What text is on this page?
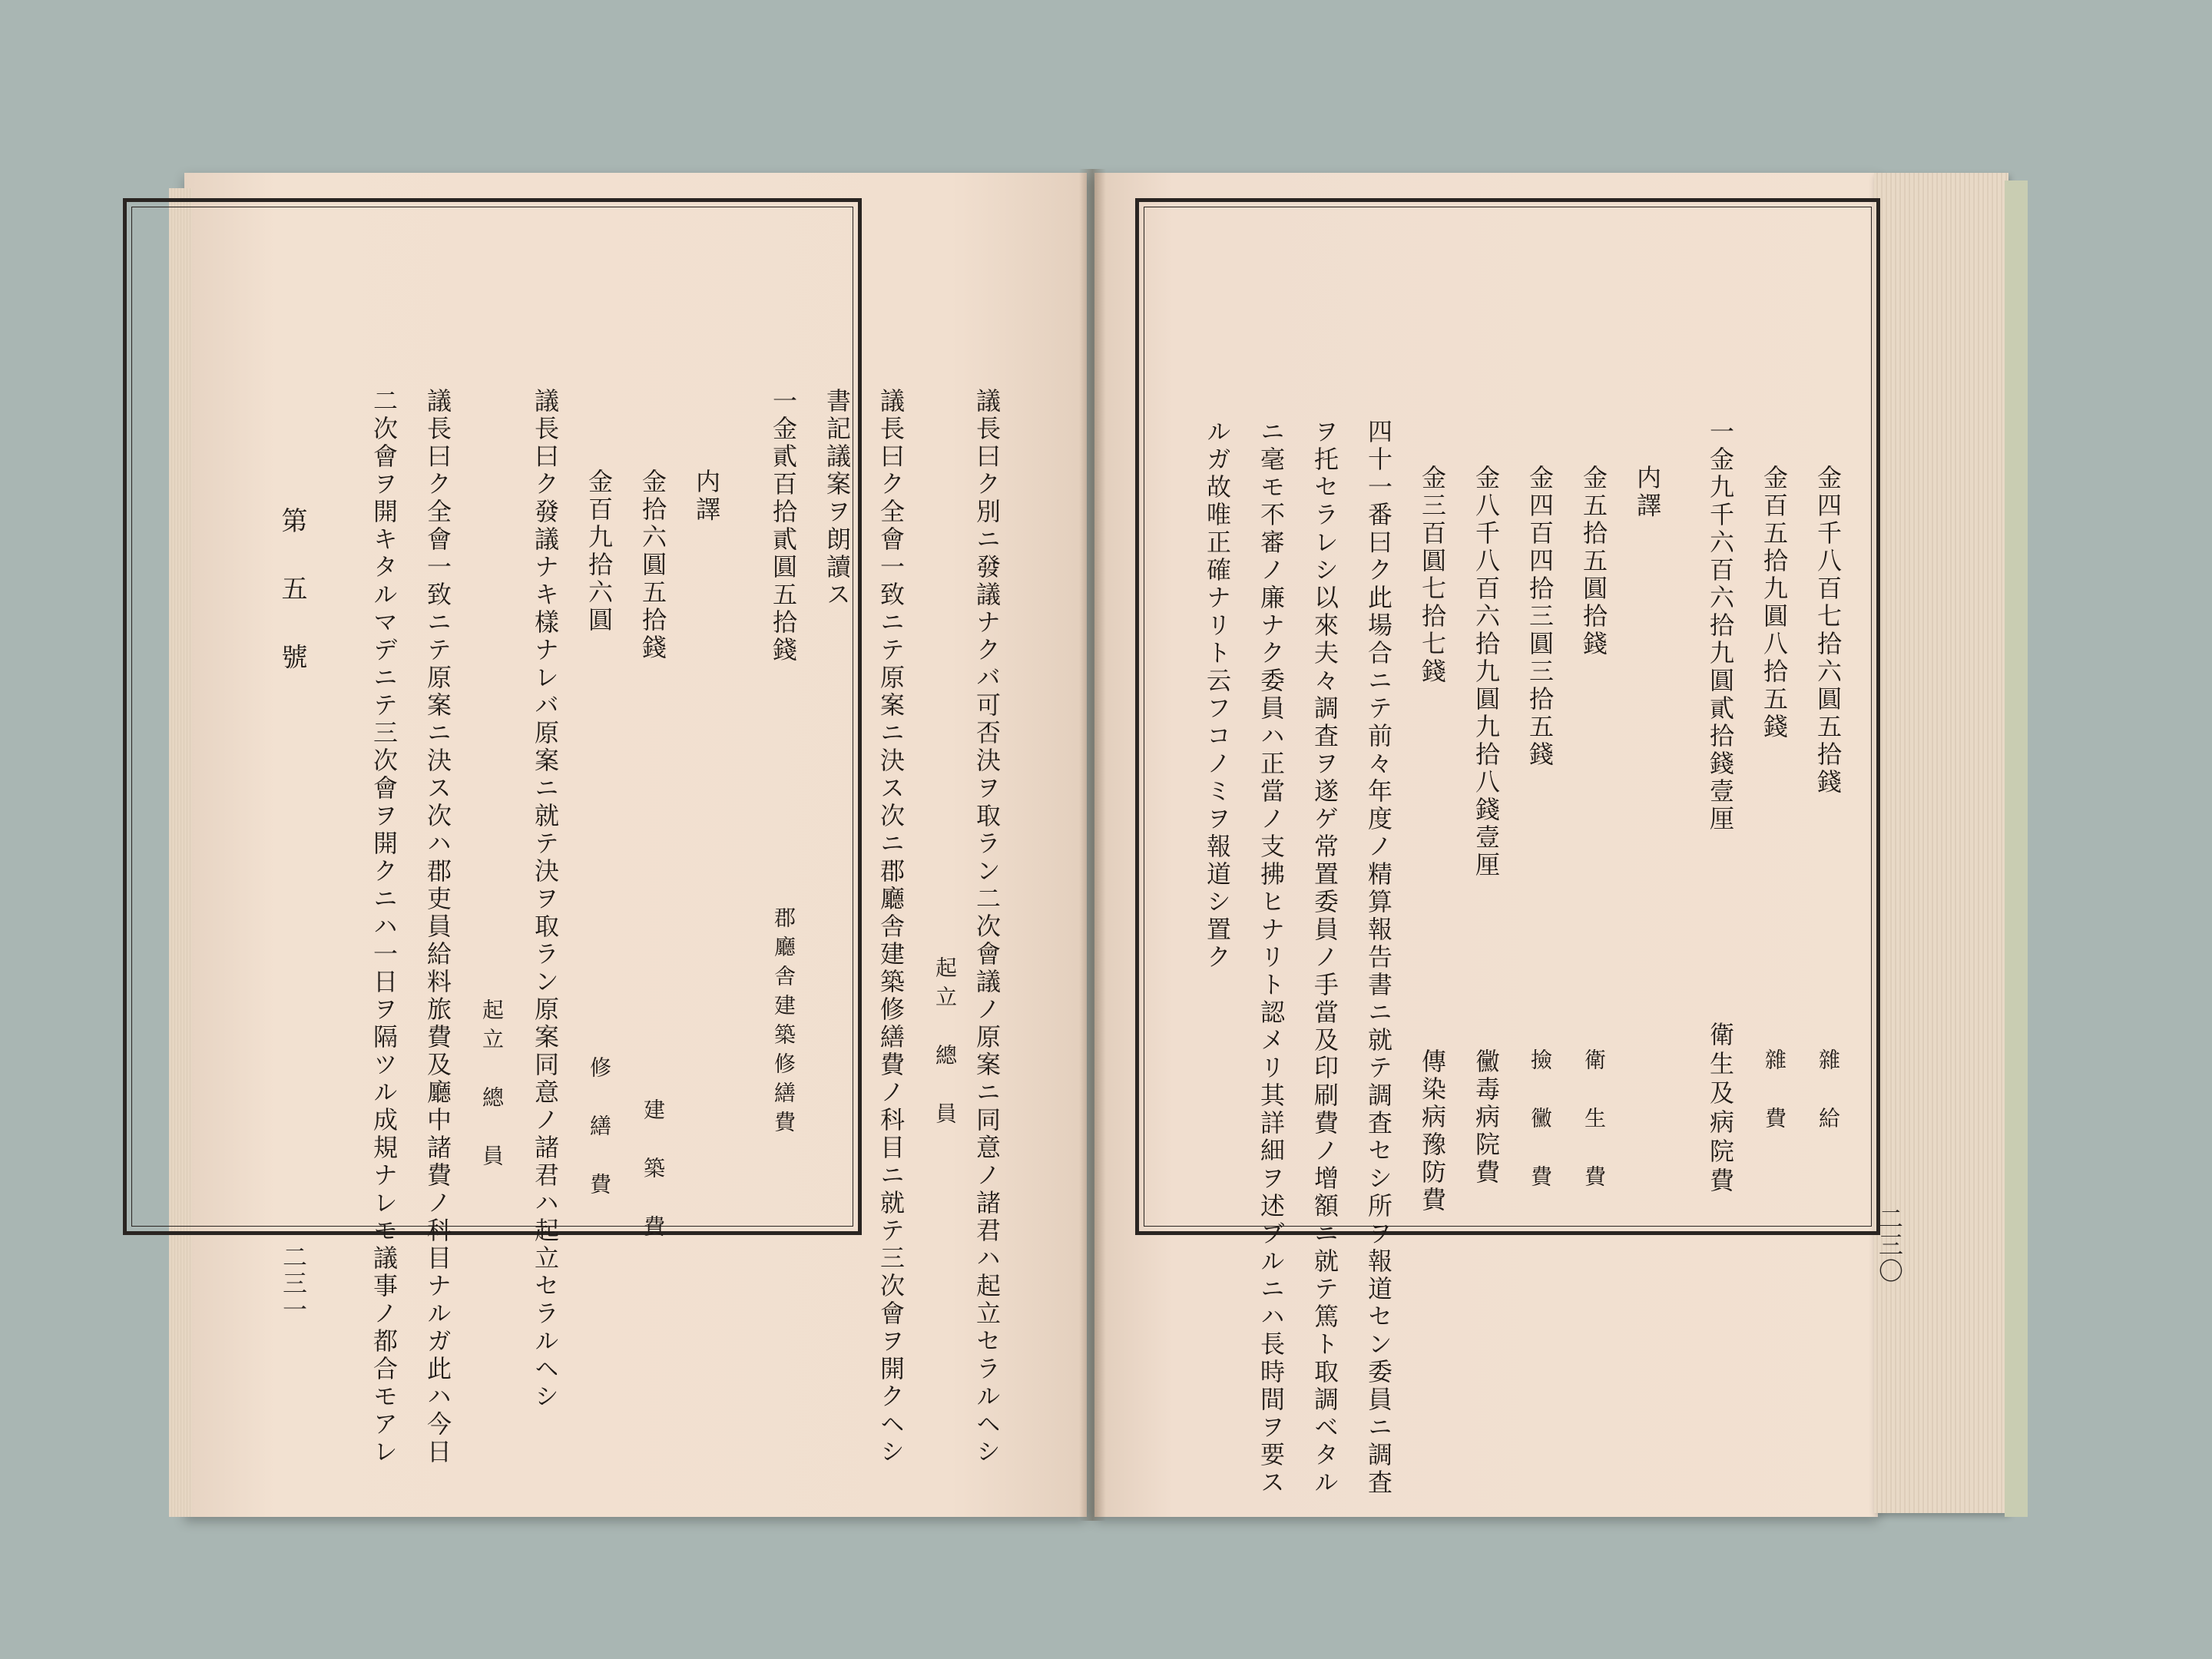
第 五 號
二三一	議長曰ク別ニ發議ナクバ可否決ヲ取ラン二次會議ノ原案ニ同意ノ諸君ハ起立セラルヘシ
起立　總　員
議長曰ク全會一致ニテ原案ニ決ス次ニ郡廳舎建築修繕費ノ科目ニ就テ三次會ヲ開クヘシ
書記議案ヲ朗讀ス
一金貳百拾貳圓五拾錢
郡廳舎建築修繕費
内譯
金拾六圓五拾錢
建　築　費
金百九拾六圓
修　繕　費
議長曰ク發議ナキ樣ナレバ原案ニ就テ決ヲ取ラン原案同意ノ諸君ハ起立セラルヘシ
起立　總　員
議長曰ク全會一致ニテ原案ニ決ス次ハ郡吏員給料旅費及廳中諸費ノ科目ナルガ此ハ今日
二次會ヲ開キタルマデニテ三次會ヲ開クニハ一日ヲ隔ツル成規ナレモ議事ノ都合モアレ	二三〇
金四千八百七拾六圓五拾錢
雜　給
金百五拾九圓八拾五錢
雜　費
一金九千六百六拾九圓貳拾錢壹厘
衛生及病院費
内譯
金五拾五圓拾錢
衛　生　費
金四百四拾三圓三拾五錢
撿　黴　費
金八千八百六拾九圓九拾八錢壹厘
黴毒病院費
金三百圓七拾七錢
傳染病豫防費
四十一番曰ク此場合ニテ前々年度ノ精算報告書ニ就テ調査セシ所ヲ報道セン委員ニ調査
ヲ托セラレシ以來夫々調査ヲ遂ゲ常置委員ノ手當及印刷費ノ增額ニ就テ篤ト取調ベタル
ニ毫モ不審ノ廉ナク委員ハ正當ノ支拂ヒナリト認メリ其詳細ヲ述ブルニハ長時間ヲ要ス
ルガ故唯正確ナリト云フコノミヲ報道シ置ク
